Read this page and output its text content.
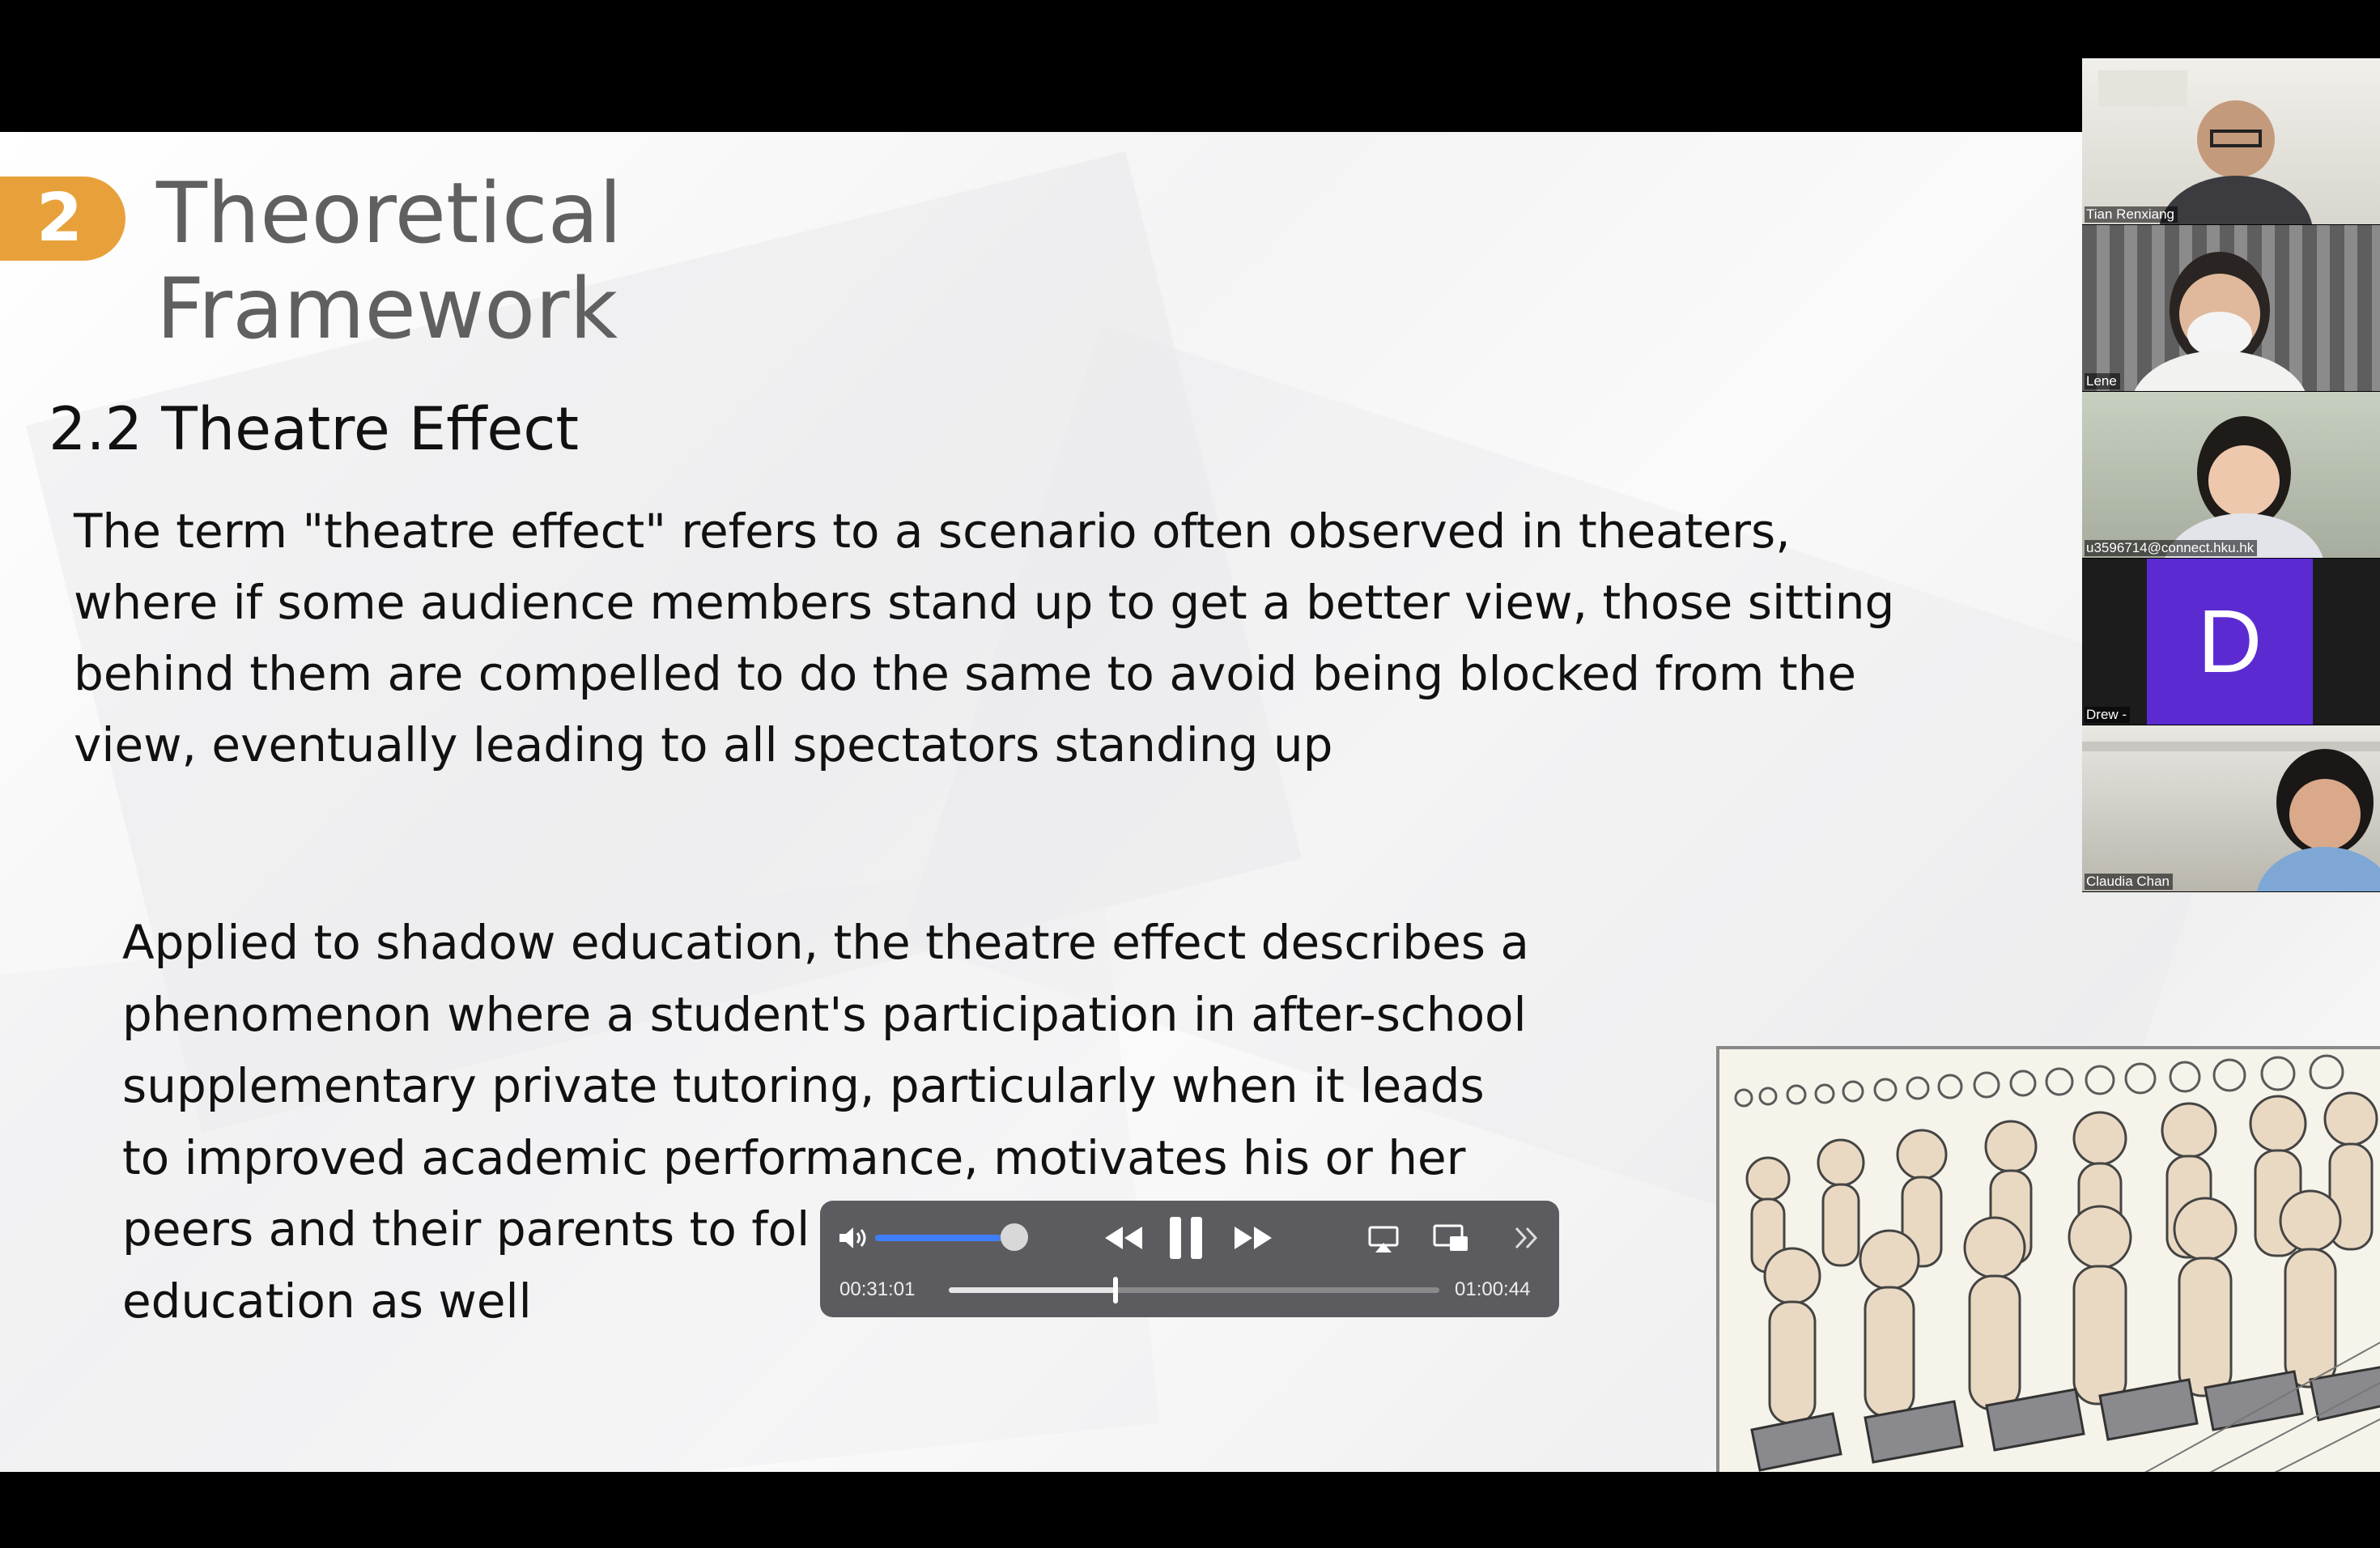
2 Theoretical
Framework
2.2 Theatre Effect
The term "theatre effect" refers to a scenario often observed in theaters,
where if some audience members stand up to get a better view, those sitting
behind them are compelled to do the same to avoid being blocked from the
view, eventually leading to all spectators standing up
Applied to shadow education, the theatre effect describes a
phenomenon where a student's participation in after-school
supplementary private tutoring, particularly when it leads
to improved academic performance, motivates his or her
peers and their parents to fol
education as well
Tian Renxiang
Lene
u3596714@connect.hku.hk
D
Drew -
Claudia Chan
00:31:01	01:00:44
